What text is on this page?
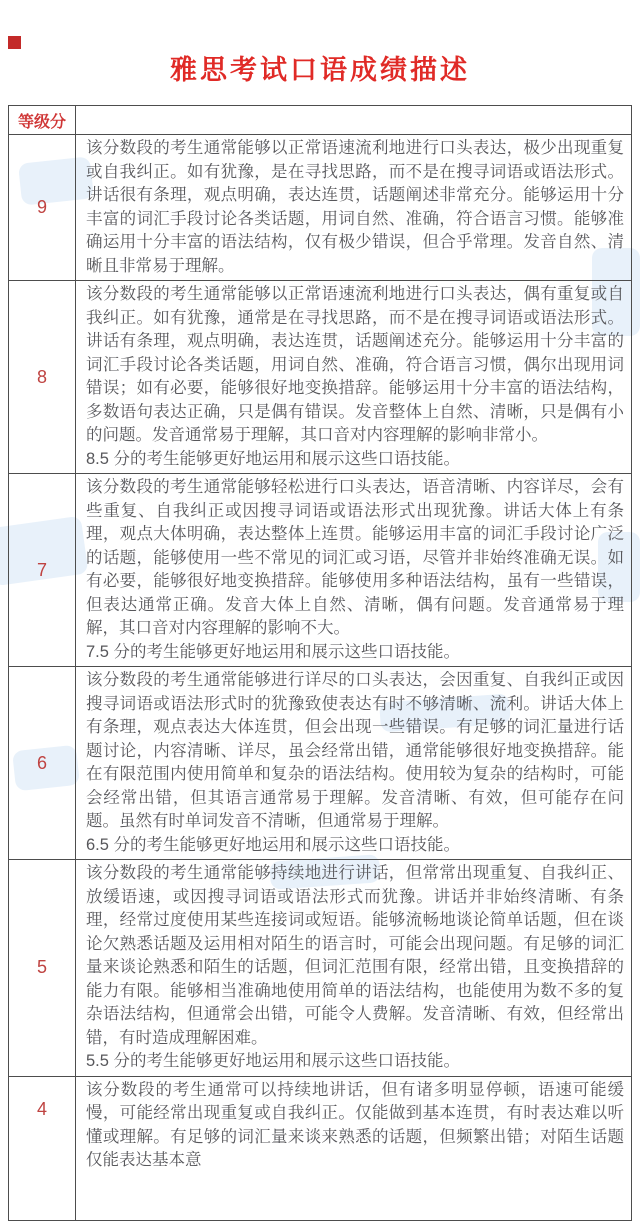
雅思考试口语成绩描述
等级分	
9	该分数段的考生通常能够以正常语速流利地进行口头表达，极少出现重复或自我纠正。如有犹豫，是在寻找思路，而不是在搜寻词语或语法形式。讲话很有条理，观点明确，表达连贯，话题阐述非常充分。能够运用十分丰富的词汇手段讨论各类话题，用词自然、准确，符合语言习惯。能够准确运用十分丰富的语法结构，仅有极少错误，但合乎常理。发音自然、清晰且非常易于理解。

8	该分数段的考生通常能够以正常语速流利地进行口头表达，偶有重复或自我纠正。如有犹豫，通常是在寻找思路，而不是在搜寻词语或语法形式。讲话有条理，观点明确，表达连贯，话题阐述充分。能够运用十分丰富的词汇手段讨论各类话题，用词自然、准确，符合语言习惯，偶尔出现用词错误；如有必要，能够很好地变换措辞。能够运用十分丰富的语法结构，多数语句表达正确，只是偶有错误。发音整体上自然、清晰，只是偶有小的问题。发音通常易于理解，其口音对内容理解的影响非常小。
8.5 分的考生能够更好地运用和展示这些口语技能。

7	该分数段的考生通常能够轻松进行口头表达，语音清晰、内容详尽，会有些重复、自我纠正或因搜寻词语或语法形式出现犹豫。讲话大体上有条理，观点大体明确，表达整体上连贯。能够运用丰富的词汇手段讨论广泛的话题，能够使用一些不常见的词汇或习语，尽管并非始终准确无误。如有必要，能够很好地变换措辞。能够使用多种语法结构，虽有一些错误，但表达通常正确。发音大体上自然、清晰，偶有问题。发音通常易于理解，其口音对内容理解的影响不大。
7.5 分的考生能够更好地运用和展示这些口语技能。

6	该分数段的考生通常能够进行详尽的口头表达，会因重复、自我纠正或因搜寻词语或语法形式时的犹豫致使表达有时不够清晰、流利。讲话大体上有条理，观点表达大体连贯，但会出现一些错误。有足够的词汇量进行话题讨论，内容清晰、详尽，虽会经常出错，通常能够很好地变换措辞。能在有限范围内使用简单和复杂的语法结构。使用较为复杂的结构时，可能会经常出错，但其语言通常易于理解。发音清晰、有效，但可能存在问题。虽然有时单词发音不清晰，但通常易于理解。
6.5 分的考生能够更好地运用和展示这些口语技能。

5	该分数段的考生通常能够持续地进行讲话，但常常出现重复、自我纠正、放缓语速，或因搜寻词语或语法形式而犹豫。讲话并非始终清晰、有条理，经常过度使用某些连接词或短语。能够流畅地谈论简单话题，但在谈论欠熟悉话题及运用相对陌生的语言时，可能会出现问题。有足够的词汇量来谈论熟悉和陌生的话题，但词汇范围有限，经常出错，且变换措辞的能力有限。能够相当准确地使用简单的语法结构，也能使用为数不多的复杂语法结构，但通常会出错，可能令人费解。发音清晰、有效，但经常出错，有时造成理解困难。
5.5 分的考生能够更好地运用和展示这些口语技能。

4	该分数段的考生通常可以持续地讲话，但有诸多明显停顿，语速可能缓慢，可能经常出现重复或自我纠正。仅能做到基本连贯，有时表达难以听懂或理解。有足够的词汇量来谈来熟悉的话题，但频繁出错；对陌生话题仅能表达基本意
